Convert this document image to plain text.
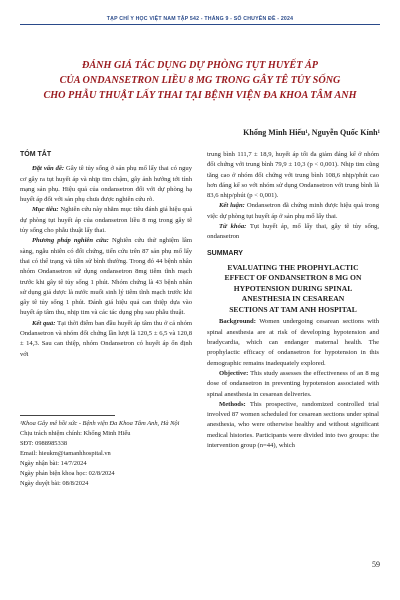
TẠP CHÍ Y HỌC VIỆT NAM TẬP 542 - THÁNG 9 - SỐ CHUYÊN ĐỀ - 2024
ĐÁNH GIÁ TÁC DỤNG DỰ PHÒNG TỤT HUYẾT ÁP
CỦA ONDANSETRON LIỀU 8 MG TRONG GÂY TÊ TỦY SỐNG
CHO PHẪU THUẬT LẤY THAI TẠI BỆNH VIỆN ĐA KHOA TÂM ANH
Khổng Minh Hiếu¹, Nguyễn Quốc Kính¹
TÓM TẮT

Đặt vấn đề: Gây tê tủy sống ở sản phụ mổ lấy thai có nguy cơ gây ra tụt huyết áp và nhịp tim chậm, gây ảnh hưởng tới tính mạng sản phụ. Hiệu quả của ondansetron đối với dự phòng hạ huyết áp đối với sản phụ chưa được nghiên cứu rõ.

Mục tiêu: Nghiên cứu này nhằm mục tiêu đánh giá hiệu quả dự phòng tụt huyết áp của ondansetron liều 8 mg trong gây tê tủy sống cho phẫu thuật lấy thai.

Phương pháp nghiên cứu: Nghiên cứu thử nghiệm lâm sàng, ngẫu nhiên có đối chứng, tiến cứu trên 87 sản phụ mổ lấy thai có thể trạng và tiền sử bình thường. Trong đó 44 bệnh nhân nhóm Ondansetron sử dụng ondansetron 8mg tiêm tĩnh mạch trước khi gây tê tủy sống 1 phút. Nhóm chứng là 43 bệnh nhân sử dụng giả dược là nước muối sinh lý tiêm tĩnh mạch trước khi gây tê tủy sống 1 phút. Đánh giá hiệu quả can thiệp dựa vào huyết áp tâm thu, nhịp tim và các tác dụng phụ sau phẫu thuật.

Kết quả: Tại thời điểm ban đầu huyết áp tâm thu ở cả nhóm Ondansetron và nhóm đối chứng lần lượt là 120,5 ± 6,5 và 120,8 ± 14,3. Sau can thiệp, nhóm Ondansetron có huyết áp ổn định với

¹Khoa Gây mê hồi sức - Bệnh viện Đa Khoa Tâm Anh, Hà Nội
Chịu trách nhiệm chính: Khổng Minh Hiếu
SĐT: 0988985338
Email: hieukm@tamanhhospital.vn
Ngày nhận bài: 14/7/2024
Ngày phản biện khoa học: 02/8/2024
Ngày duyệt bài: 08/8/2024

trung bình 111,7 ± 18,9, huyết áp tối đa giảm đáng kể ở nhóm đối chứng với trung bình 79,9 ± 10,3 (p < 0,001). Nhịp tim cũng tăng cao ở nhóm đối chứng với trung bình 108,6 nhịp/phút cao hơn đáng kể so với nhóm sử dụng Ondansetron với trung bình là 83,6 nhịp/phút (p < 0,001).

Kết luận: Ondansetron đã chứng minh được hiệu quả trong việc dự phòng tụt huyết áp ở sản phụ mổ lấy thai.

Từ khóa: Tụt huyết áp, mổ lấy thai, gây tê tủy sống, ondansetron

SUMMARY
EVALUATING THE PROPHYLACTIC
EFFECT OF ONDANSETRON 8 MG ON
HYPOTENSION DURING SPINAL
ANESTHESIA IN CESAREAN
SECTIONS AT TAM ANH HOSPITAL

Background: Women undergoing cesarean sections with spinal anesthesia are at risk of developing hypotension and bradycardia, which can endanger maternal health. The prophylactic efficacy of ondansetron for hypotension in this demographic remains inadequately explored.

Objective: This study assesses the effectiveness of an 8 mg dose of ondansetron in preventing hypotension associated with spinal anesthesia in cesarean deliveries.

Methods: This prospective, randomized controlled trial involved 87 women scheduled for cesarean sections under spinal anesthesia, who were otherwise healthy and without significant medical histories. Participants were divided into two groups: the intervention group (n=44), which

59
